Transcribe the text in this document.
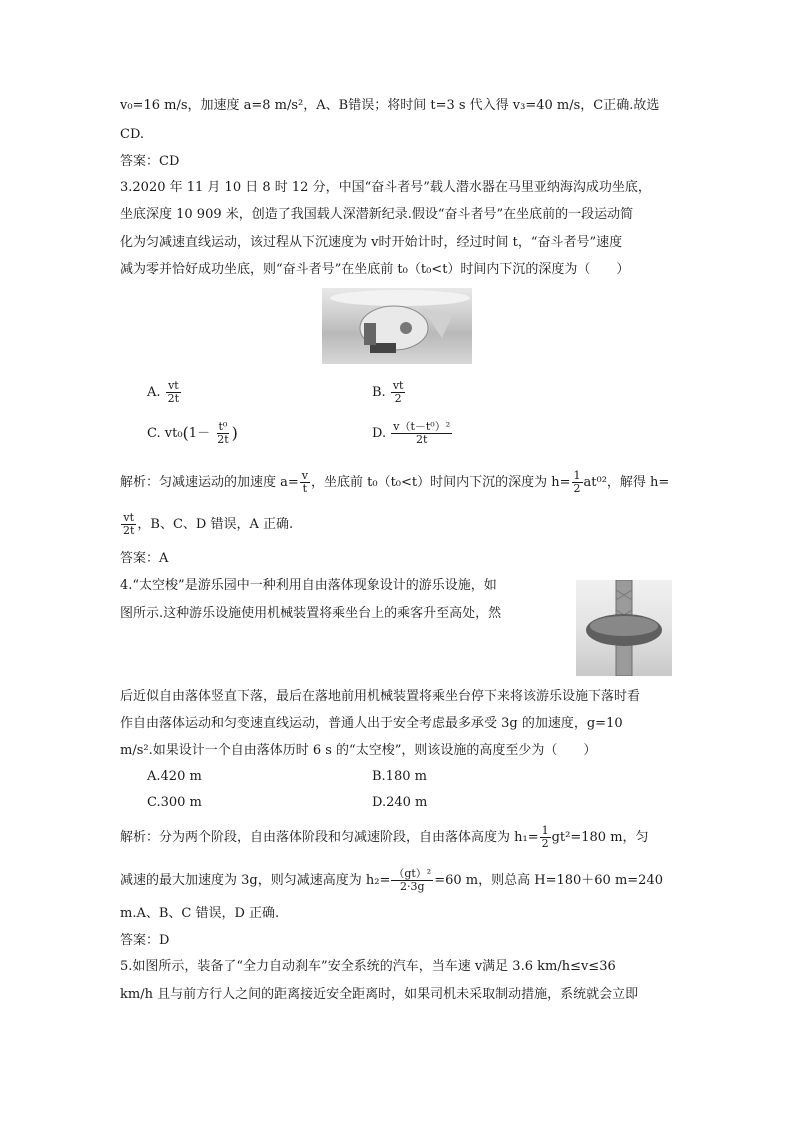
v₀=16 m/s，加速度 a=8 m/s²，A、B错误；将时间 t=3 s 代入得 v₃=40 m/s，C正确.故选
CD.
答案：CD
3.2020 年 11 月 10 日 8 时 12 分，中国“奋斗者号”载人潜水器在马里亚纳海沟成功坐底，
坐底深度 10 909 米，创造了我国载人深潜新纪录.假设“奋斗者号”在坐底前的一段运动简
化为匀减速直线运动，该过程从下沉速度为 v时开始计时，经过时间 t，“奋斗者号”速度
减为零并恰好成功坐底，则“奋斗者号”在坐底前 t₀（t₀<t）时间内下沉的深度为（　　）
A. $\frac{vt}{2t}$	B. $\frac{vt}{2}$
C. $vt_0(1- \frac{\text{t⁰}}{2t}$ )	D. $\frac{\text{v（t－t⁰）²}}{2t}$
解析：匀减速运动的加速度 $a= \frac{v}{t}$ ，坐底前 t₀（t₀<t）时间内下沉的深度为 $h= \frac{1}{2} at^{02}$，解得 h=
$\frac{vt}{2t}$ ，B、C、D 错误，A 正确.
答案：A
4.“太空梭”是游乐园中一种利用自由落体现象设计的游乐设施，如
图所示.这种游乐设施使用机械装置将乘坐台上的乘客升至高处，然
后近似自由落体竖直下落，最后在落地前用机械装置将乘坐台停下来将该游乐设施下落时看
作自由落体运动和匀变速直线运动，普通人出于安全考虑最多承受 3g 的加速度，g=10
m/s².如果设计一个自由落体历时 6 s 的“太空梭”，则该设施的高度至少为（　　）
A.420 m	B.180 m
C.300 m	D.240 m
解析：分为两个阶段，自由落体阶段和匀减速阶段，自由落体高度为 $h_1= \frac{1}{2} gt^2=180$ m，匀
减速的最大加速度为 3g，则匀减速高度为 $h_2= \frac{\text{（gt）²}}{2\cdot 3g} =60$ m，则总高 H=180＋60 m=240
m.A、B、C 错误，D 正确.
答案：D
5.如图所示，装备了“全力自动刹车”安全系统的汽车，当车速 v满足 3.6 km/h≤v≤36
km/h 且与前方行人之间的距离接近安全距离时，如果司机未采取制动措施，系统就会立即
